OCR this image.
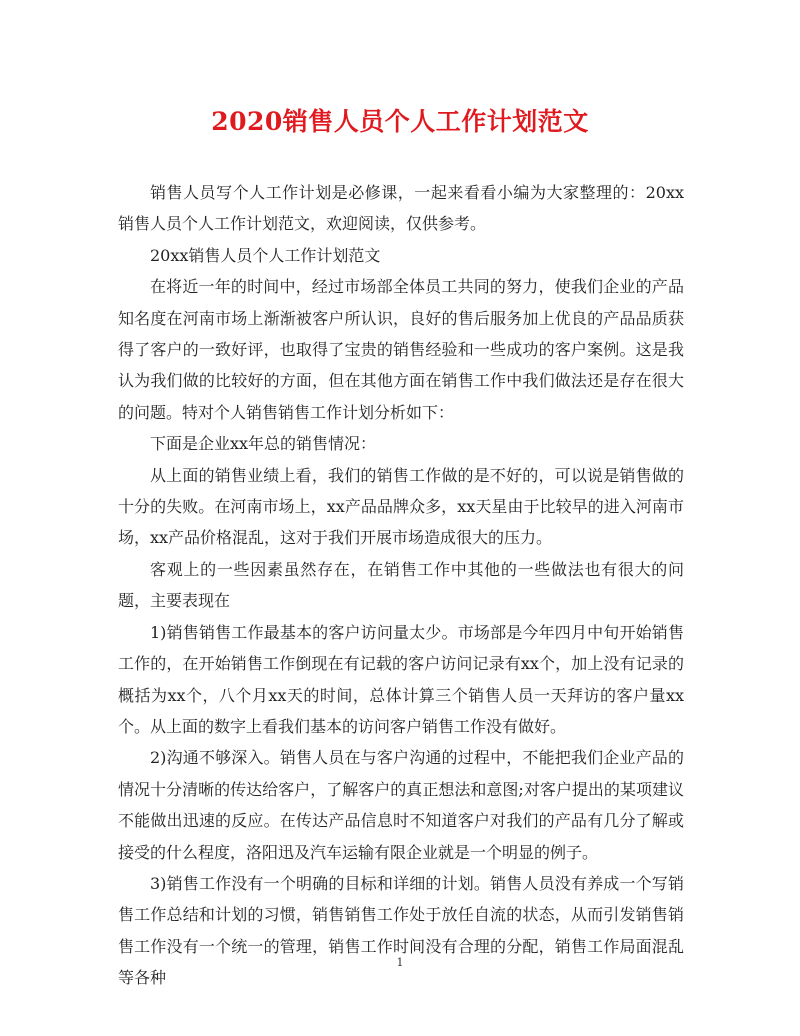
2020销售人员个人工作计划范文

销售人员写个人工作计划是必修课，一起来看看小编为大家整理的：20xx销售人员个人工作计划范文，欢迎阅读，仅供参考。

20xx销售人员个人工作计划范文

在将近一年的时间中，经过市场部全体员工共同的努力，使我们企业的产品知名度在河南市场上渐渐被客户所认识，良好的售后服务加上优良的产品品质获得了客户的一致好评，也取得了宝贵的销售经验和一些成功的客户案例。这是我认为我们做的比较好的方面，但在其他方面在销售工作中我们做法还是存在很大的问题。特对个人销售销售工作计划分析如下：

下面是企业xx年总的销售情况：

从上面的销售业绩上看，我们的销售工作做的是不好的，可以说是销售做的十分的失败。在河南市场上，xx产品品牌众多，xx天星由于比较早的进入河南市场，xx产品价格混乱，这对于我们开展市场造成很大的压力。

客观上的一些因素虽然存在，在销售工作中其他的一些做法也有很大的问题，主要表现在

1)销售销售工作最基本的客户访问量太少。市场部是今年四月中旬开始销售工作的，在开始销售工作倒现在有记载的客户访问记录有xx个，加上没有记录的概括为xx个，八个月xx天的时间，总体计算三个销售人员一天拜访的客户量xx个。从上面的数字上看我们基本的访问客户销售工作没有做好。

2)沟通不够深入。销售人员在与客户沟通的过程中，不能把我们企业产品的情况十分清晰的传达给客户，了解客户的真正想法和意图;对客户提出的某项建议不能做出迅速的反应。在传达产品信息时不知道客户对我们的产品有几分了解或接受的什么程度，洛阳迅及汽车运输有限企业就是一个明显的例子。

3)销售工作没有一个明确的目标和详细的计划。销售人员没有养成一个写销售工作总结和计划的习惯，销售销售工作处于放任自流的状态，从而引发销售销售工作没有一个统一的管理，销售工作时间没有合理的分配，销售工作局面混乱等各种

1
